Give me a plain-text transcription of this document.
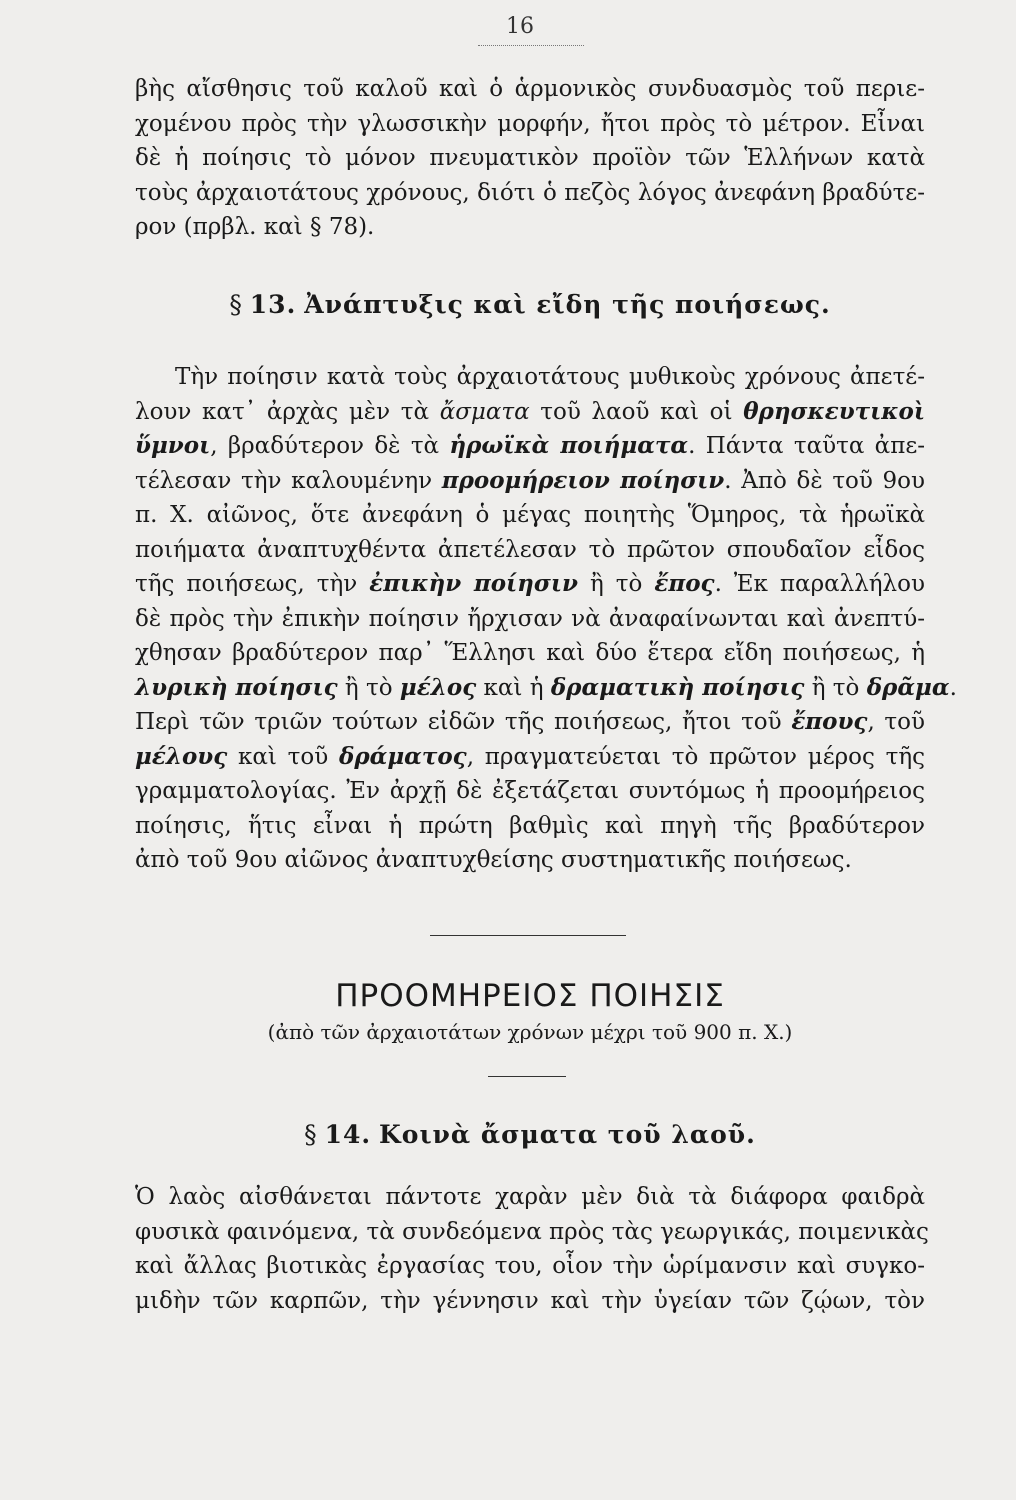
16
βὴς αἴσθησις τοῦ καλοῦ καὶ ὁ ἁρμονικὸς συνδυασμὸς τοῦ περιε-
χομένου πρὸς τὴν γλωσσικὴν μορφήν, ἤτοι πρὸς τὸ μέτρον. Εἶναι
δὲ ἡ ποίησις τὸ μόνον πνευματικὸν προϊὸν τῶν Ἑλλήνων κατὰ
τοὺς ἀρχαιοτάτους χρόνους, διότι ὁ πεζὸς λόγος ἀνεφάνη βραδύτε-
ρον (πρβλ. καὶ § 78).
§ 13. Ἀνάπτυξις καὶ εἴδη τῆς ποιήσεως.
Τὴν ποίησιν κατὰ τοὺς ἀρχαιοτάτους μυθικοὺς χρόνους ἀπετέ-
λουν κατ᾽ ἀρχὰς μὲν τὰ ἄσματα τοῦ λαοῦ καὶ οἱ θρησκευτικοὶ
ὕμνοι, βραδύτερον δὲ τὰ ἡρωϊκὰ ποιήματα. Πάντα ταῦτα ἀπε-
τέλεσαν τὴν καλουμένην προομήρειον ποίησιν. Ἀπὸ δὲ τοῦ 9ου
π. Χ. αἰῶνος, ὅτε ἀνεφάνη ὁ μέγας ποιητὴς Ὅμηρος, τὰ ἡρωϊκὰ
ποιήματα ἀναπτυχθέντα ἀπετέλεσαν τὸ πρῶτον σπουδαῖον εἶδος
τῆς ποιήσεως, τὴν ἐπικὴν ποίησιν ἢ τὸ ἔπος. Ἐκ παραλλήλου
δὲ πρὸς τὴν ἐπικὴν ποίησιν ἤρχισαν νὰ ἀναφαίνωνται καὶ ἀνεπτύ-
χθησαν βραδύτερον παρ᾽ Ἕλλησι καὶ δύο ἕτερα εἴδη ποιήσεως, ἡ
λυρικὴ ποίησις ἢ τὸ μέλος καὶ ἡ δραματικὴ ποίησις ἢ τὸ δρᾶμα.
Περὶ τῶν τριῶν τούτων εἰδῶν τῆς ποιήσεως, ἤτοι τοῦ ἔπους, τοῦ
μέλους καὶ τοῦ δράματος, πραγματεύεται τὸ πρῶτον μέρος τῆς
γραμματολογίας. Ἐν ἀρχῇ δὲ ἐξετάζεται συντόμως ἡ προομήρειος
ποίησις, ἥτις εἶναι ἡ πρώτη βαθμὶς καὶ πηγὴ τῆς βραδύτερον
ἀπὸ τοῦ 9ου αἰῶνος ἀναπτυχθείσης συστηματικῆς ποιήσεως.
ΠΡΟΟΜΗΡΕΙΟΣ ΠΟΙΗΣΙΣ
(ἀπὸ τῶν ἀρχαιοτάτων χρόνων μέχρι τοῦ 900 π. Χ.)
§ 14. Κοινὰ ἄσματα τοῦ λαοῦ.
Ὁ λαὸς αἰσθάνεται πάντοτε χαρὰν μὲν διὰ τὰ διάφορα φαιδρὰ
φυσικὰ φαινόμενα, τὰ συνδεόμενα πρὸς τὰς γεωργικάς, ποιμενικὰς
καὶ ἄλλας βιοτικὰς ἐργασίας του, οἷον τὴν ὡρίμανσιν καὶ συγκο-
μιδὴν τῶν καρπῶν, τὴν γέννησιν καὶ τὴν ὑγείαν τῶν ζῴων, τὸν
